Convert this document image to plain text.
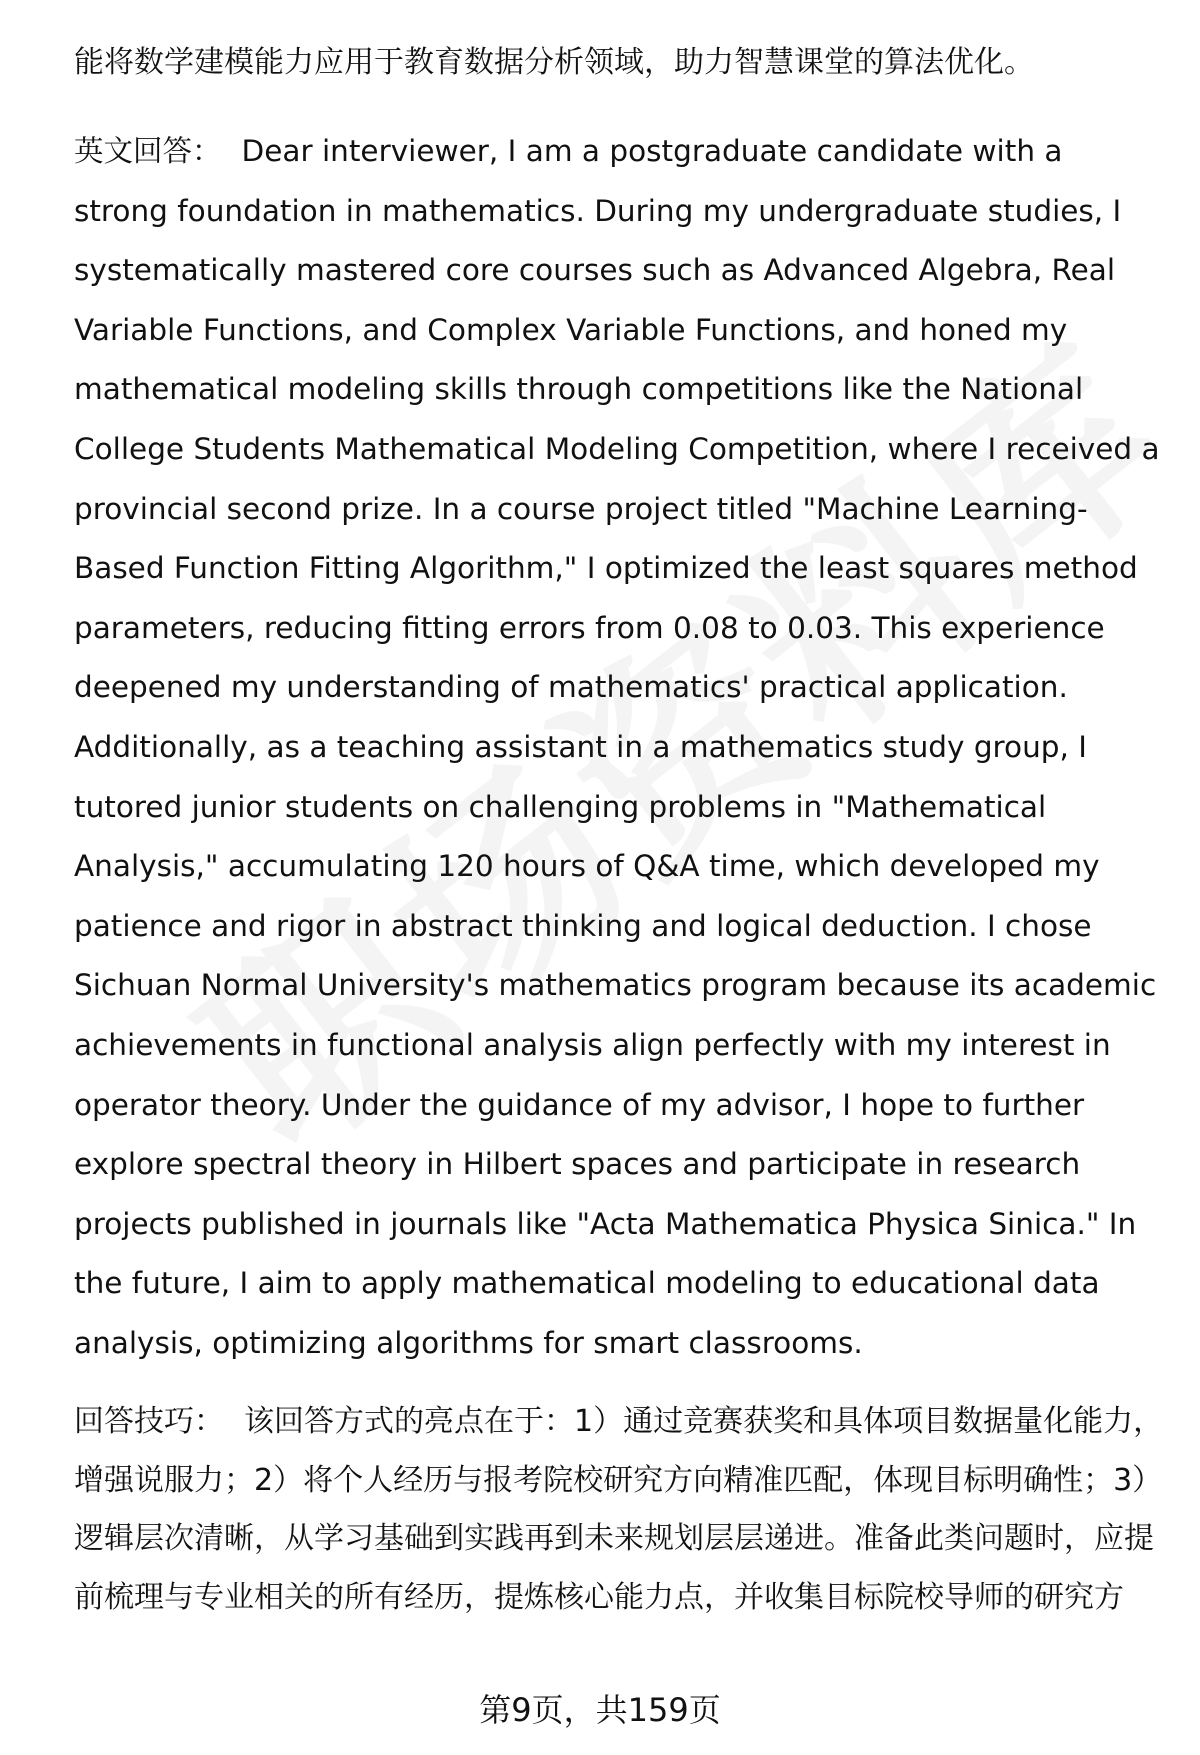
能将数学建模能力应用于教育数据分析领域，助力智慧课堂的算法优化。

英文回答： Dear interviewer, I am a postgraduate candidate with a strong foundation in mathematics. During my undergraduate studies, I systematically mastered core courses such as Advanced Algebra, Real Variable Functions, and Complex Variable Functions, and honed my mathematical modeling skills through competitions like the National College Students Mathematical Modeling Competition, where I received a provincial second prize. In a course project titled "Machine Learning-Based Function Fitting Algorithm," I optimized the least squares method parameters, reducing fitting errors from 0.08 to 0.03. This experience deepened my understanding of mathematics' practical application. Additionally, as a teaching assistant in a mathematics study group, I tutored junior students on challenging problems in "Mathematical Analysis," accumulating 120 hours of Q&A time, which developed my patience and rigor in abstract thinking and logical deduction. I chose Sichuan Normal University's mathematics program because its academic achievements in functional analysis align perfectly with my interest in operator theory. Under the guidance of my advisor, I hope to further explore spectral theory in Hilbert spaces and participate in research projects published in journals like "Acta Mathematica Physica Sinica." In the future, I aim to apply mathematical modeling to educational data analysis, optimizing algorithms for smart classrooms.

回答技巧： 该回答方式的亮点在于：1）通过竞赛获奖和具体项目数据量化能力，增强说服力；2）将个人经历与报考院校研究方向精准匹配，体现目标明确性；3）逻辑层次清晰，从学习基础到实践再到未来规划层层递进。准备此类问题时，应提前梳理与专业相关的所有经历，提炼核心能力点，并收集目标院校导师的研究方

第9页，共159页
